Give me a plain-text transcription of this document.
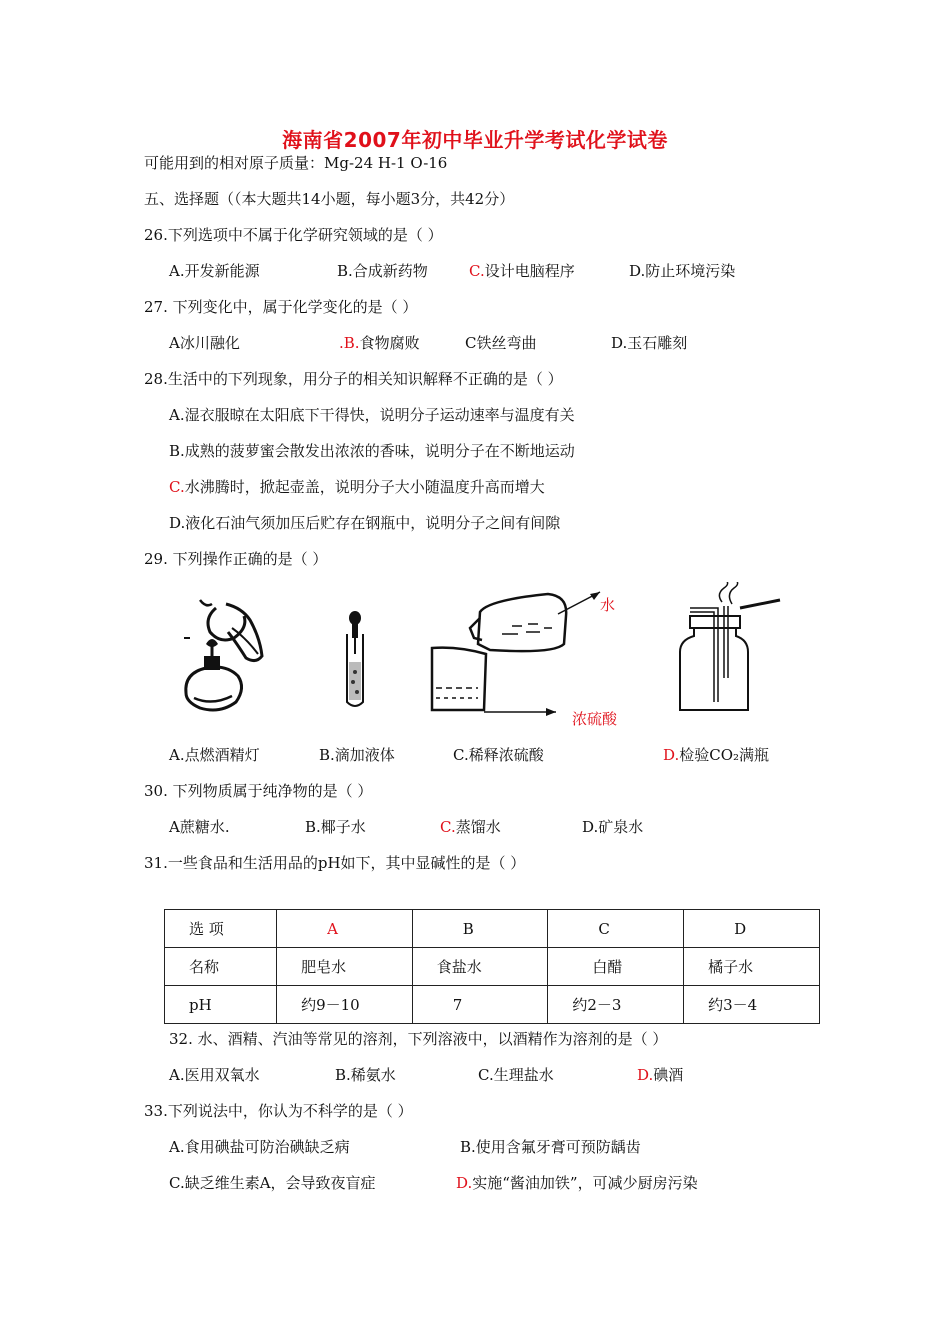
海南省2007年初中毕业升学考试化学试卷
可能用到的相对原子质量：Mg-24 H-1 O-16
五、选择题（（本大题共14小题，每小题3分，共42分）
26.下列选项中不属于化学研究领域的是（ ）
A.开发新能源	B.合成新药物	C.设计电脑程序	D.防止环境污染
27. 下列变化中，属于化学变化的是（ ）
A冰川融化	.B.食物腐败	C铁丝弯曲	D.玉石雕刻
28.生活中的下列现象，用分子的相关知识解释不正确的是（ ）
A.湿衣服晾在太阳底下干得快，说明分子运动速率与温度有关
B.成熟的菠萝蜜会散发出浓浓的香味，说明分子在不断地运动
C.水沸腾时，掀起壶盖，说明分子大小随温度升高而增大
D.液化石油气须加压后贮存在钢瓶中，说明分子之间有间隙
29. 下列操作正确的是（ ）
水
浓硫酸
A.点燃酒精灯	B.滴加液体	C.稀释浓硫酸	D.检验CO₂满瓶
30. 下列物质属于纯净物的是（ ）
A蔗糖水.	B.椰子水	C.蒸馏水	D.矿泉水
31.一些食品和生活用品的pH如下，其中显碱性的是（ ）
选 项	A	B	C	D
名称	肥皂水	食盐水	白醋	橘子水
pH	约9－10	7	约2－3	约3－4
32. 水、酒精、汽油等常见的溶剂，下列溶液中，以酒精作为溶剂的是（ ）
A.医用双氧水	B.稀氨水	C.生理盐水	D.碘酒
33.下列说法中，你认为不科学的是（ ）
A.食用碘盐可防治碘缺乏病	B.使用含氟牙膏可预防龋齿
C.缺乏维生素A，会导致夜盲症	D.实施“酱油加铁”，可减少厨房污染
